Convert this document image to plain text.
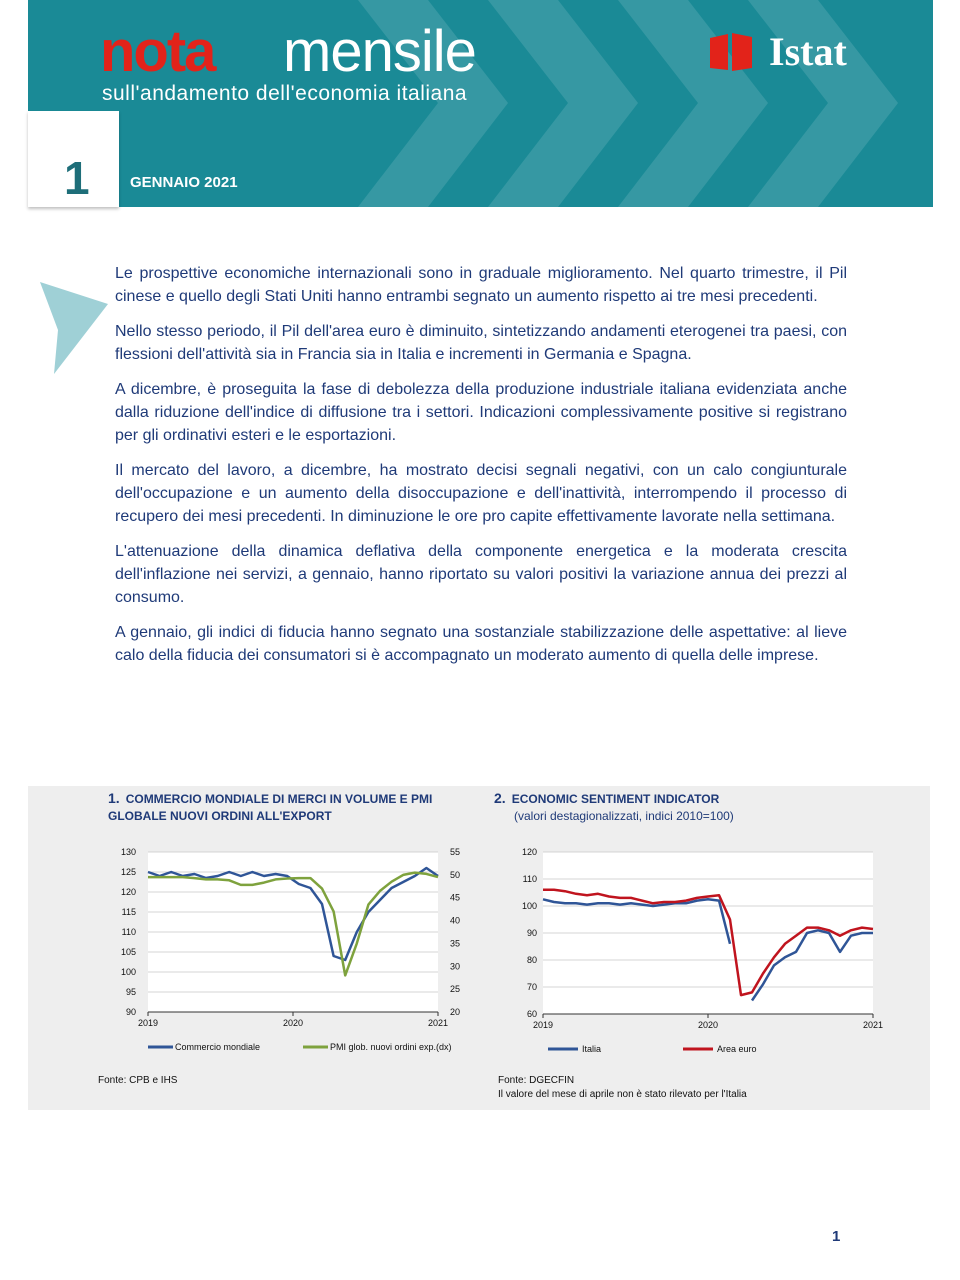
nota mensile
sull'andamento dell'economia italiana
Istat
1	GENNAIO 2021

Le prospettive economiche internazionali sono in graduale miglioramento. Nel quarto trimestre, il Pil cinese e quello degli Stati Uniti hanno entrambi segnato un aumento rispetto ai tre mesi precedenti.

Nello stesso periodo, il Pil dell'area euro è diminuito, sintetizzando andamenti eterogenei tra paesi, con flessioni dell'attività sia in Francia sia in Italia e incrementi in Germania e Spagna.

A dicembre, è proseguita la fase di debolezza della produzione industriale italiana evidenziata anche dalla riduzione dell'indice di diffusione tra i settori. Indicazioni complessivamente positive si registrano per gli ordinativi esteri e le esportazioni.

Il mercato del lavoro, a dicembre, ha mostrato decisi segnali negativi, con un calo congiunturale dell'occupazione e un aumento della disoccupazione e dell'inattività, interrompendo il processo di recupero dei mesi precedenti. In diminuzione le ore pro capite effettivamente lavorate nella settimana.

L'attenuazione della dinamica deflativa della componente energetica e la moderata crescita dell'inflazione nei servizi, a gennaio, hanno riportato su valori positivi la variazione annua dei prezzi al consumo.

A gennaio, gli indici di fiducia hanno segnato una sostanziale stabilizzazione delle aspettative: al lieve calo della fiducia dei consumatori si è accompagnato un moderato aumento di quella delle imprese.

1. COMMERCIO MONDIALE DI MERCI IN VOLUME E PMI GLOBALE NUOVI ORDINI ALL'EXPORT
2. ECONOMIC SENTIMENT INDICATOR
(valori destagionalizzati, indici 2010=100)
130
125
120
115
110
105
100
95
90
55
50
45
40
35
30
25
20
2019	2020	2021
Commercio mondiale	PMI glob. nuovi ordini exp.(dx)
120
110
100
90
80
70
60
2019	2020	2021
Italia	Area euro
Fonte: CPB e IHS	Fonte: DGECFIN
Il valore del mese di aprile non è stato rilevato per l'Italia
1
